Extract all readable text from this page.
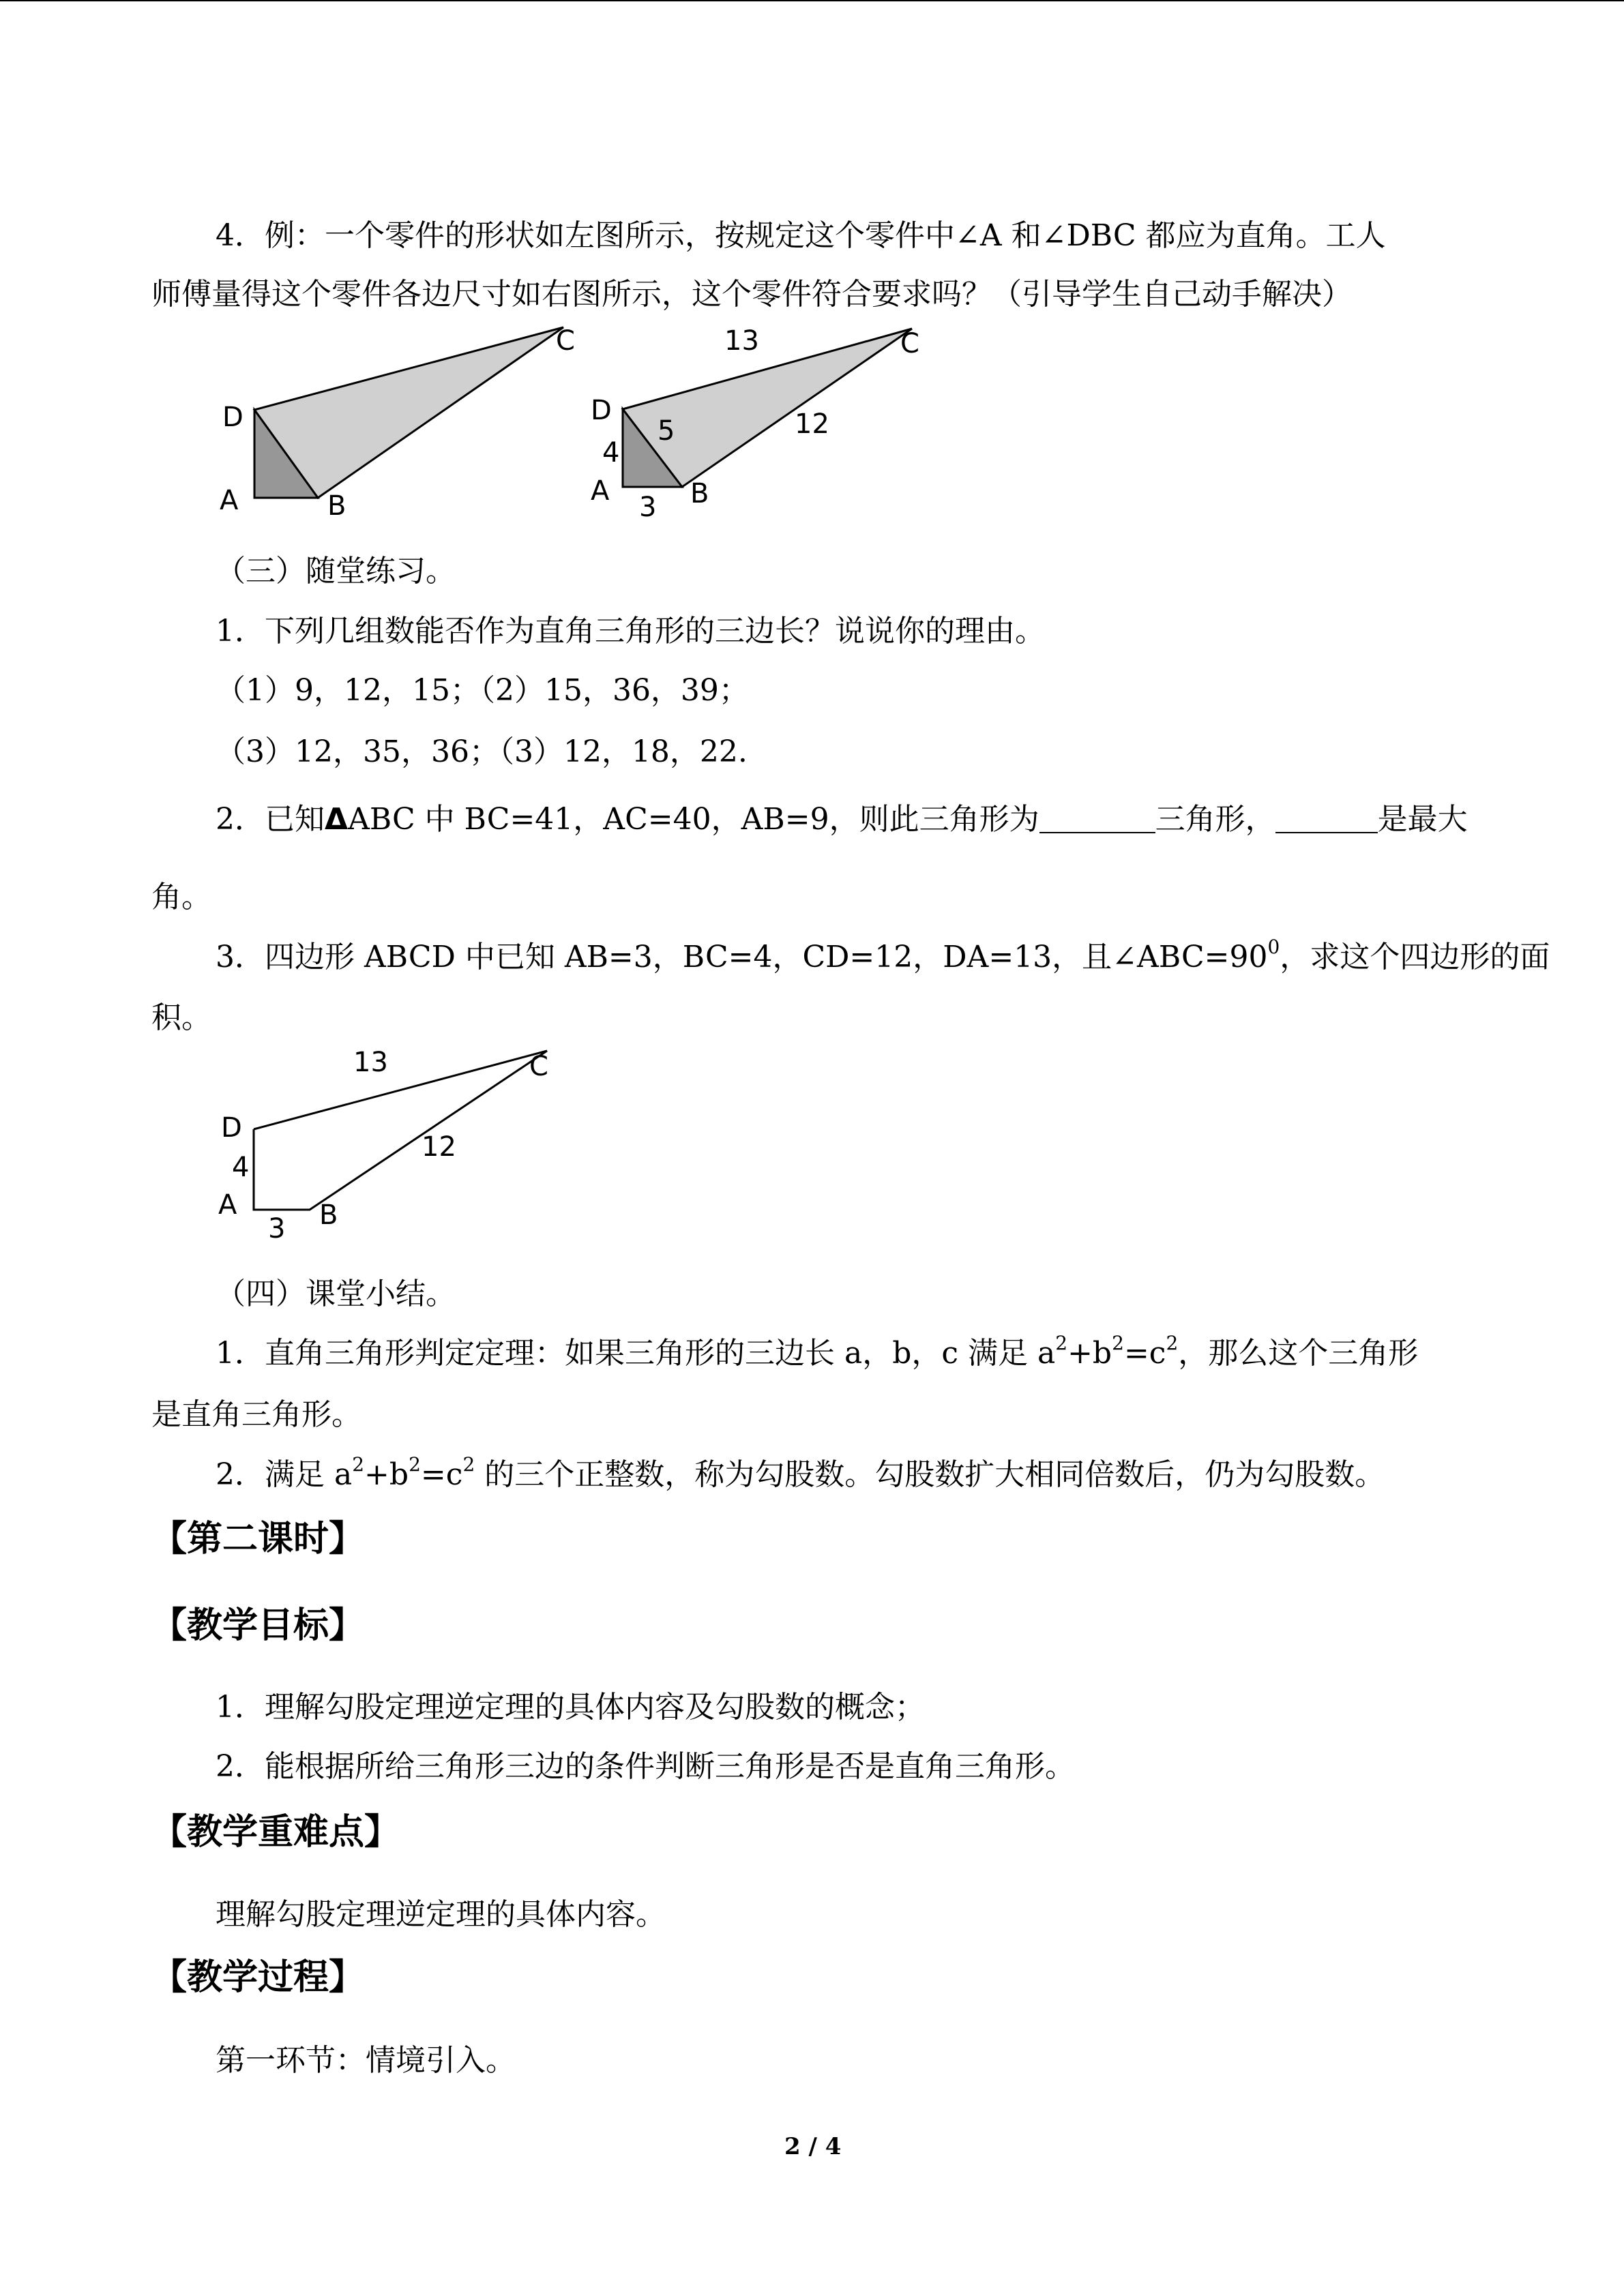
4．例：一个零件的形状如左图所示，按规定这个零件中∠A 和∠DBC 都应为直角。工人
师傅量得这个零件各边尺寸如右图所示，这个零件符合要求吗？（引导学生自己动手解决）
D
A	B
C
D
A	B
C
4
3
5
13
12
（三）随堂练习。
1．下列几组数能否作为直角三角形的三边长？说说你的理由。
（1）9，12，15；（2）15，36，39；
（3）12，35，36；（3）12，18，22.
2．已知ΔABC 中 BC=41，AC=40，AB=9，则此三角形为	三角形，	是最大
角。
3．四边形 ABCD 中已知 AB=3，BC=4，CD=12，DA=13，且$\angle ABC=90^0$，求这个四边形的面
积。
D
A	B
C
4
3
13
12
（四）课堂小结。
1．直角三角形判定定理：如果三角形的三边长 a，b，c 满足 $a^2+b^2=c^2$，那么这个三角形
是直角三角形。
2．满足 $a^2+b^2=c^2$ 的三个正整数，称为勾股数。勾股数扩大相同倍数后，仍为勾股数。
【第二课时】
【教学目标】
1．理解勾股定理逆定理的具体内容及勾股数的概念；
2．能根据所给三角形三边的条件判断三角形是否是直角三角形。
【教学重难点】
理解勾股定理逆定理的具体内容。
【教学过程】
第一环节：情境引入。
2 / 4
